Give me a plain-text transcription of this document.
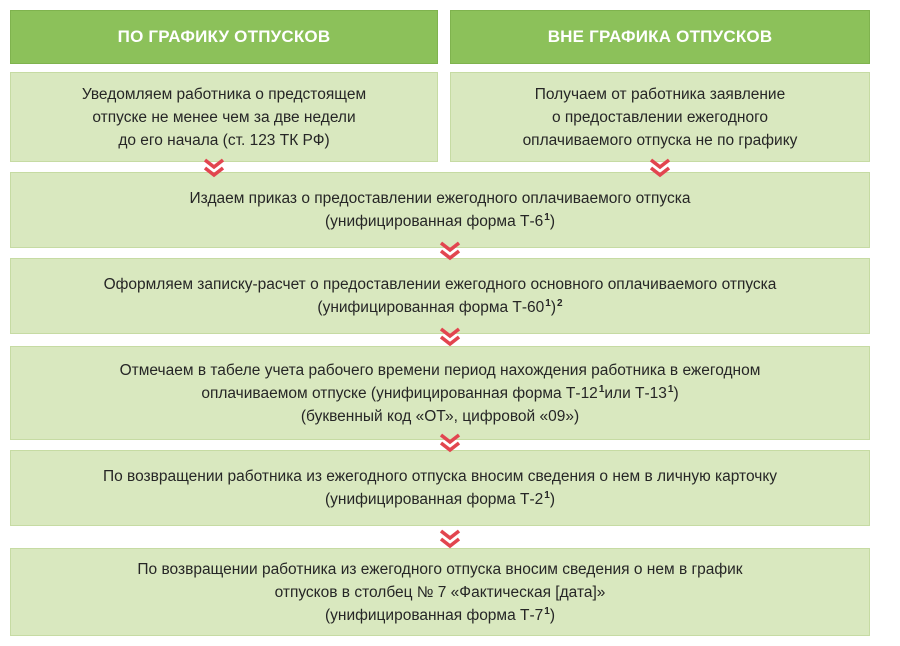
ПО ГРАФИКУ ОТПУСКОВ	ВНЕ ГРАФИКА ОТПУСКОВ
Уведомляем работника о предстоящем
отпуске не менее чем за две недели
до его начала (ст. 123 ТК РФ)
Получаем от работника заявление
о предоставлении ежегодного
оплачиваемого отпуска не по графику
Издаем приказ о предоставлении ежегодного оплачиваемого отпуска
(унифицированная форма $Т-6^1$)
Оформляем записку-расчет о предоставлении ежегодного основного оплачиваемого отпуска
(унифицированная форма $Т-60^1)^2$
Отмечаем в табеле учета рабочего времени период нахождения работника в ежегодном
оплачиваемом отпуске (унифицированная форма $Т-12^1или$ $Т-13^1$)
(буквенный код «ОТ», цифровой «09»)
По возвращении работника из ежегодного отпуска вносим сведения о нем в личную карточку
(унифицированная форма $Т-2^1$)
По возвращении работника из ежегодного отпуска вносим сведения о нем в график
отпусков в столбец № 7 «Фактическая [дата]»
(унифицированная форма $Т-7^1$)
